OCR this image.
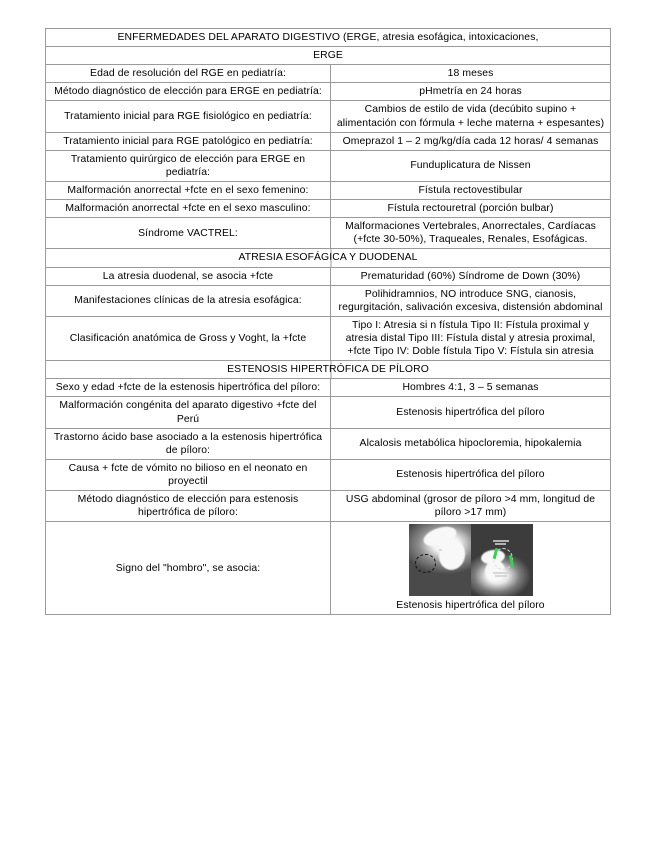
ENFERMEDADES DEL APARATO DIGESTIVO (ERGE, atresia esofágica, intoxicaciones,	
ERGE	
Edad de resolución del RGE en pediatría:	18 meses
Método diagnóstico de elección para ERGE en pediatría:	pHmetría en 24 horas
Tratamiento inicial para RGE fisiológico en pediatría:	Cambios de estilo de vida (decúbito supino + alimentación con fórmula + leche materna + espesantes)
Tratamiento inicial para RGE patológico en pediatría:	Omeprazol 1 – 2 mg/kg/día cada 12 horas/ 4 semanas
Tratamiento quirúrgico de elección para ERGE en pediatría:	Funduplicatura de Nissen
Malformación anorrectal +fcte en el sexo femenino:	Fístula rectovestibular
Malformación anorrectal +fcte en el sexo masculino:	Fístula rectouretral (porción bulbar)
Síndrome VACTREL:	Malformaciones Vertebrales, Anorrectales, Cardíacas (+fcte 30-50%), Traqueales, Renales, Esofágicas.
ATRESIA ESOFÁGICA Y DUODENAL	
La atresia duodenal, se asocia +fcte	Prematuridad (60%) Síndrome de Down (30%)
Manifestaciones clínicas de la atresia esofágica:	Polihidramnios, NO introduce SNG, cianosis, regurgitación, salivación excesiva, distensión abdominal
Clasificación anatómica de Gross y Voght, la +fcte	Tipo I: Atresia si n fístula Tipo II: Fístula proximal y atresia distal Tipo III: Fístula distal y atresia proximal, +fcte Tipo IV: Doble fístula Tipo V: Fístula sin atresia
ESTENOSIS HIPERTRÓFICA DE PÍLORO	
Sexo y edad +fcte de la estenosis hipertrófica del píloro:	Hombres 4:1, 3 – 5 semanas
Malformación congénita del aparato digestivo +fcte del Perú	Estenosis hipertrófica del píloro
Trastorno ácido base asociado a la estenosis hipertrófica de píloro:	Alcalosis metabólica hipocloremia, hipokalemia
Causa + fcte de vómito no bilioso en el neonato en proyectil	Estenosis hipertrófica del píloro
Método diagnóstico de elección para estenosis hipertrófica de píloro:	USG abdominal (grosor de píloro >4 mm, longitud de píloro >17 mm)
Signo del "hombro", se asocia:	Estenosis hipertrófica del píloro
